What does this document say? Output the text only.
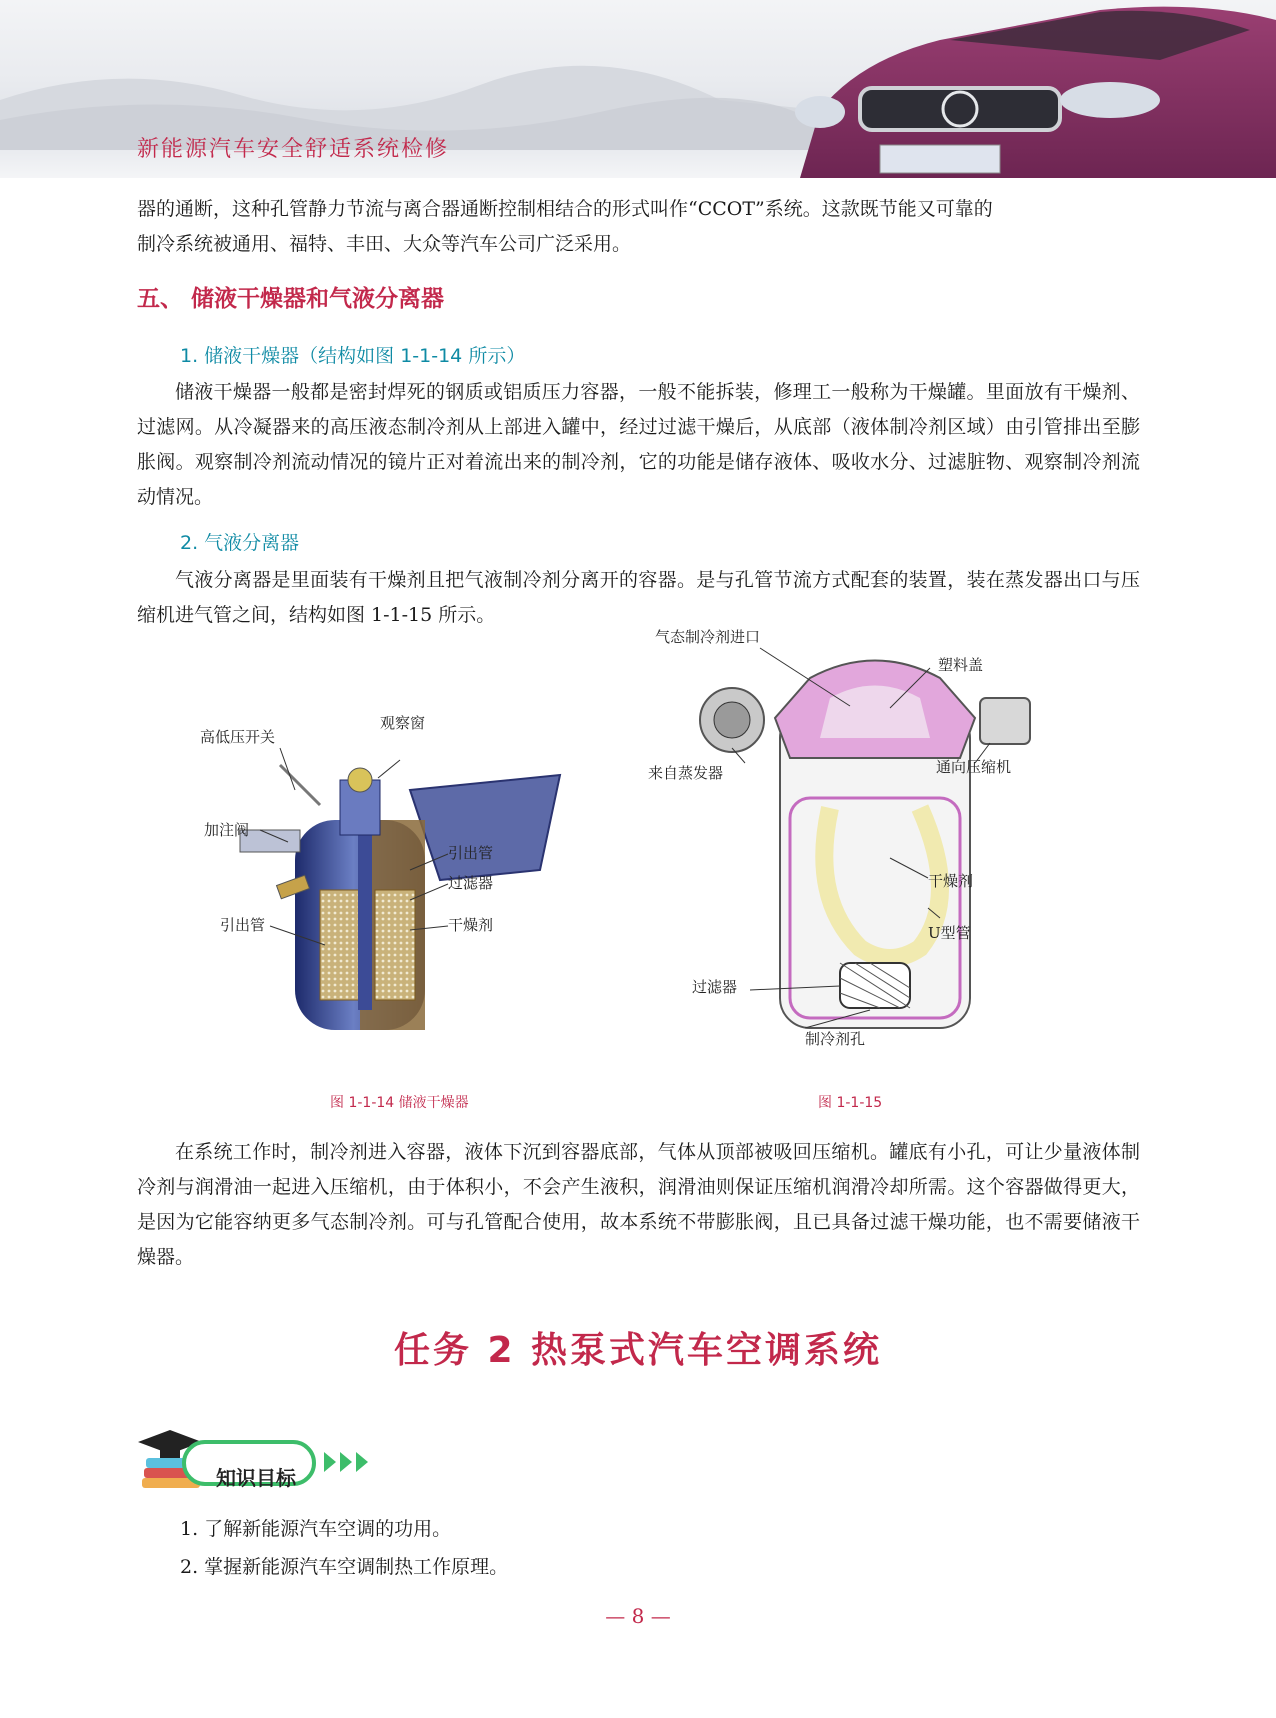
新能源汽车安全舒适系统检修

器的通断，这种孔管静力节流与离合器通断控制相结合的形式叫作“CCOT”系统。这款既节能又可靠的

制冷系统被通用、福特、丰田、大众等汽车公司广泛采用。

五、 储液干燥器和气液分离器
1. 储液干燥器（结构如图 1-1-14 所示）

储液干燥器一般都是密封焊死的钢质或铝质压力容器，一般不能拆装，修理工一般称为干燥罐。里面放有干燥剂、过滤网。从冷凝器来的高压液态制冷剂从上部进入罐中，经过过滤干燥后，从底部（液体制冷剂区域）由引管排出至膨胀阀。观察制冷剂流动情况的镜片正对着流出来的制冷剂，它的功能是储存液体、吸收水分、过滤脏物、观察制冷剂流动情况。

2. 气液分离器

气液分离器是里面装有干燥剂且把气液制冷剂分离开的容器。是与孔管节流方式配套的装置，装在蒸发器出口与压缩机进气管之间，结构如图 1-1-15 所示。

观察窗
高低压开关
加注阀
引出管
过滤器
干燥剂
引出管
图 1-1-14 储液干燥器
气态制冷剂进口
塑料盖
来自蒸发器	通向压缩机
干燥剂
U型管
过滤器
制冷剂孔
图 1-1-15

在系统工作时，制冷剂进入容器，液体下沉到容器底部，气体从顶部被吸回压缩机。罐底有小孔，可让少量液体制冷剂与润滑油一起进入压缩机，由于体积小，不会产生液积，润滑油则保证压缩机润滑冷却所需。这个容器做得更大，是因为它能容纳更多气态制冷剂。可与孔管配合使用，故本系统不带膨胀阀，且已具备过滤干燥功能，也不需要储液干燥器。

任务 2 热泵式汽车空调系统
知识目标
1. 了解新能源汽车空调的功用。
2. 掌握新能源汽车空调制热工作原理。
— 8 —
